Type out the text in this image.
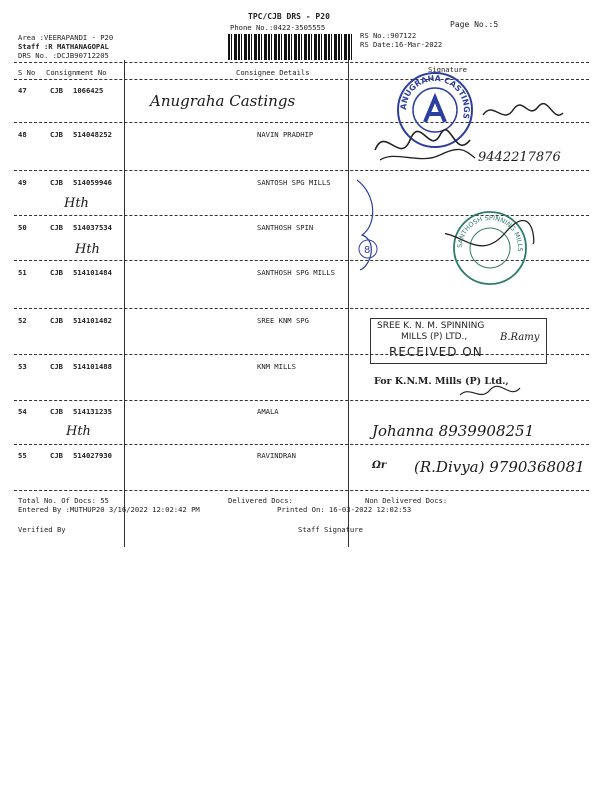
TPC/CJB DRS - P20
Phone No.:0422-3505555	Page No.:5
Area :VEERAPANDI - P20
Staff :R MATHANAGOPAL
DRS No. :DCJB90712205
RS No.:907122
RS Date:16-Mar-2022
S No Consignment No	Consignee Details	Signature
47	CJB 1066425
Anugraha Castings
48	CJB 514048252	NAVIN PRADHIP
9442217876
49	CJB 514059946	SANTOSH SPG MILLS
Hth
50	CJB 514037534	SANTHOSH SPIN
Hth
51	CJB 514101484	SANTHOSH SPG MILLS
52	CJB 514101482	SREE KNM SPG
53	CJB 514101488	KNM MILLS
54	CJB 514131235	AMALA
Hth	Johanna 8939908251
55	CJB 514027930	RAVINDRAN
Ωr (R.Divya) 9790368081
ANUGRAHA CASTINGS
8	SANTHOSH SPINNING MILLS
SREE K. N. M. SPINNING
MILLS (P) LTD.,
RECEIVED ON
B.Ramy
For K.N.M. Mills (P) Ltd.,
Total No. Of Docs: 55	Delivered Docs:	Non Delivered Docs:
Entered By :MUTHUP20 3/16/2022 12:02:42 PM	Printed On: 16-03-2022 12:02:53
Verified By	Staff Signature
